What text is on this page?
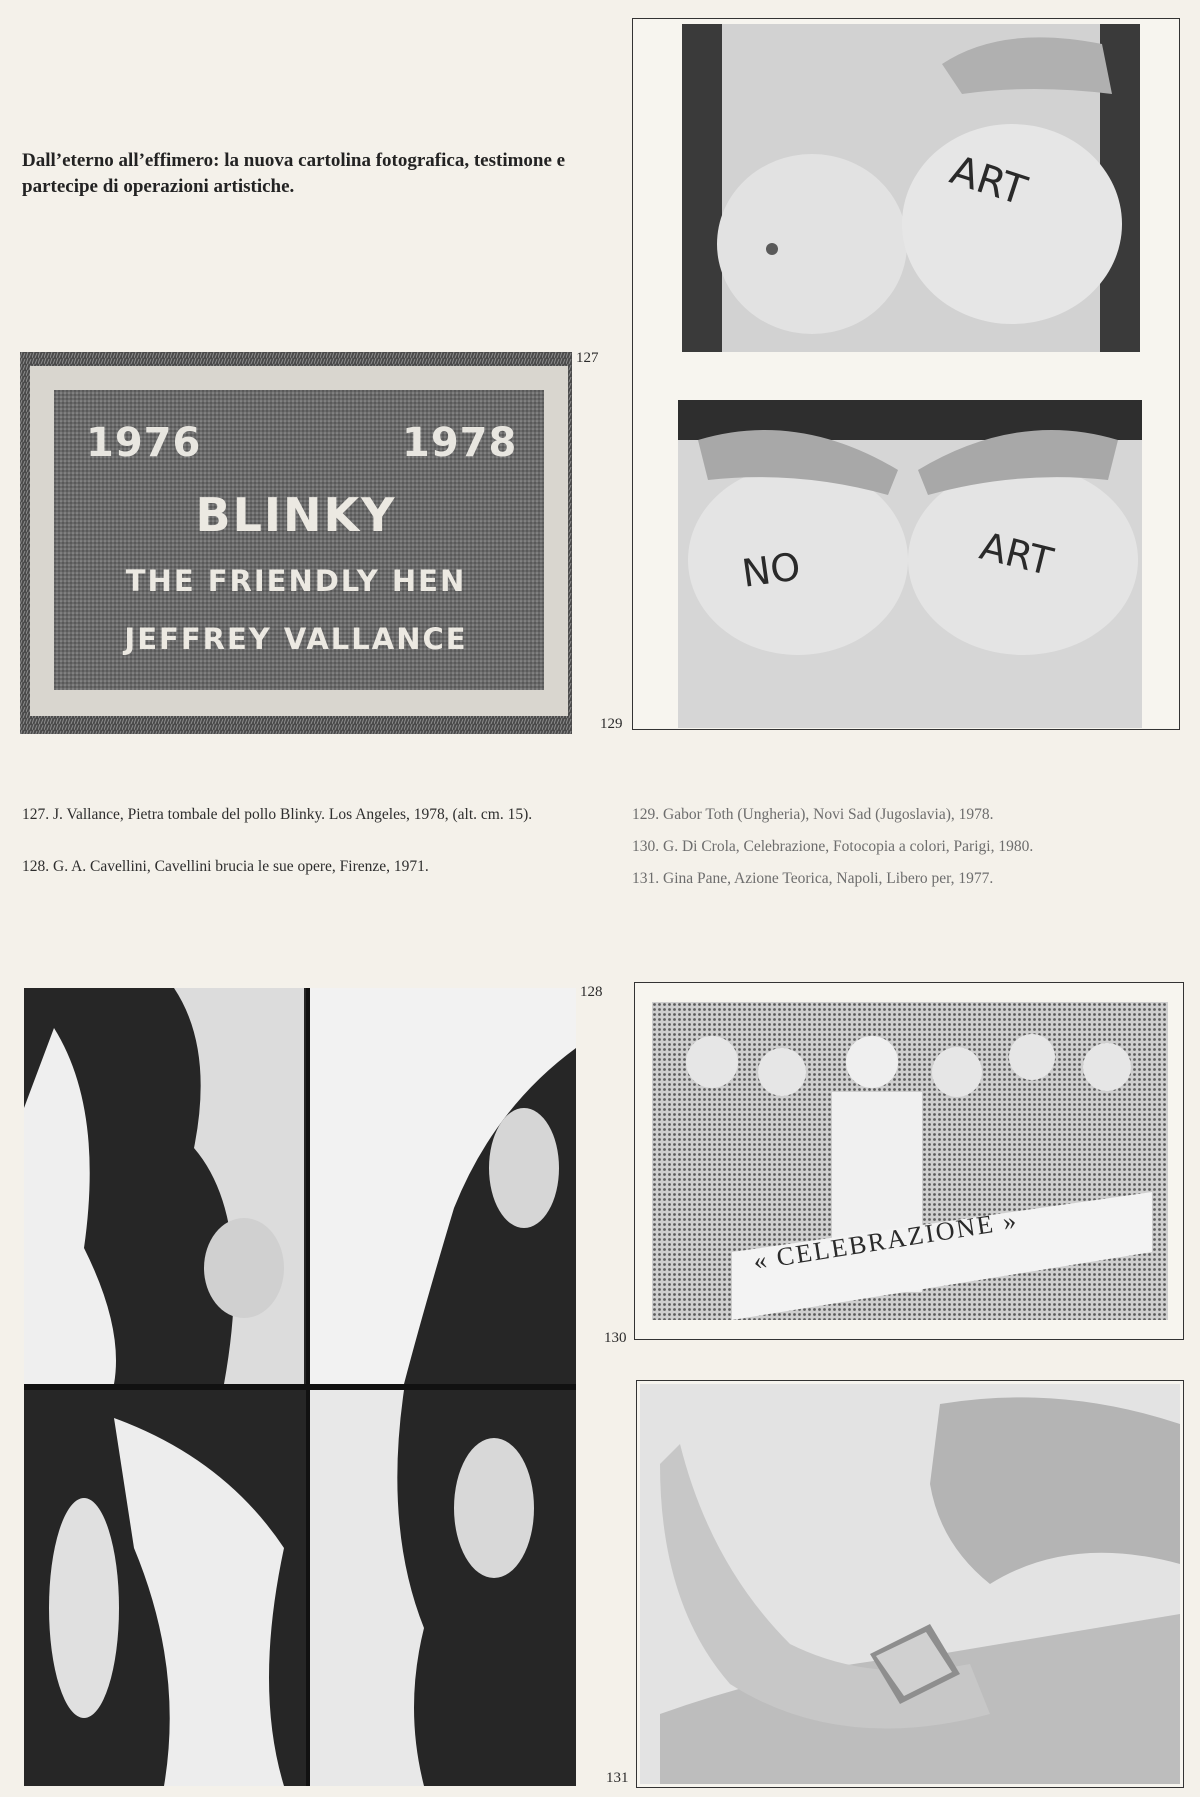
Dall’eterno all’effimero: la nuova cartolina fotografica, testimone e partecipe di operazioni artistiche.
1976	1978
BLINKY
THE FRIENDLY HEN
JEFFREY VALLANCE
127
ART
NO	ART
129
127. J. Vallance, Pietra tombale del pollo Blinky. Los Angeles, 1978, (alt. cm. 15).
128. G. A. Cavellini, Cavellini brucia le sue opere, Firenze, 1971.
129. Gabor Toth (Ungheria), Novi Sad (Jugoslavia), 1978.
130. G. Di Crola, Celebrazione, Fotocopia a colori, Parigi, 1980.
131. Gina Pane, Azione Teorica, Napoli, Libero per, 1977.
128
« CELEBRAZIONE »
130
131
